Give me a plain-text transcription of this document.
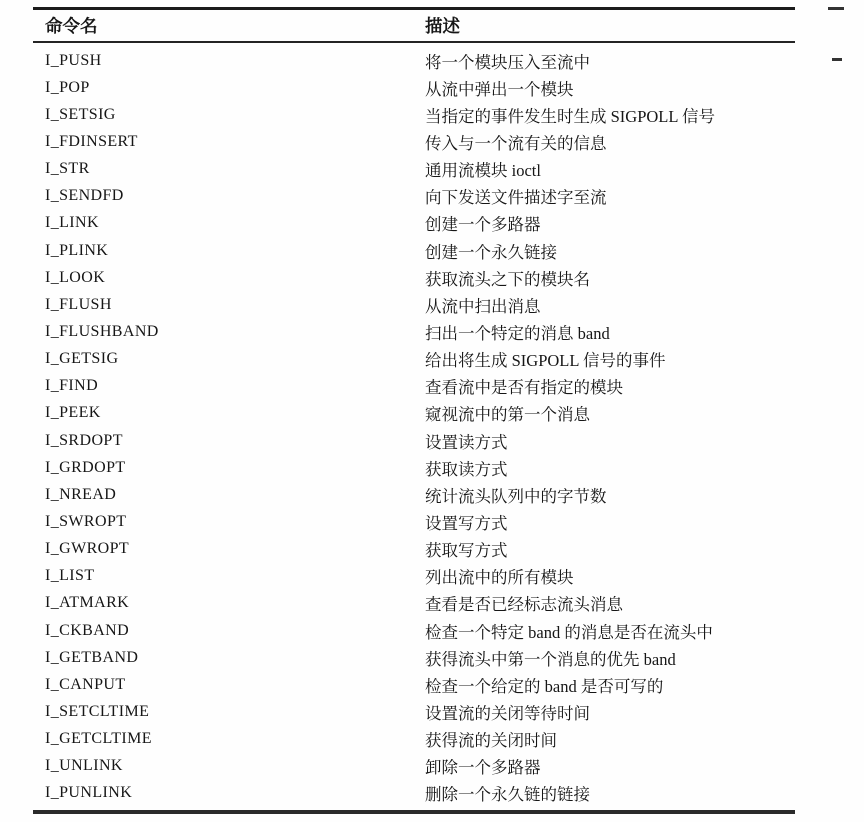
命令名	描述
I_PUSH	将一个模块压入至流中
I_POP	从流中弹出一个模块
I_SETSIG	当指定的事件发生时生成 SIGPOLL 信号
I_FDINSERT	传入与一个流有关的信息
I_STR	通用流模块 ioctl
I_SENDFD	向下发送文件描述字至流
I_LINK	创建一个多路器
I_PLINK	创建一个永久链接
I_LOOK	获取流头之下的模块名
I_FLUSH	从流中扫出消息
I_FLUSHBAND	扫出一个特定的消息 band
I_GETSIG	给出将生成 SIGPOLL 信号的事件
I_FIND	查看流中是否有指定的模块
I_PEEK	窥视流中的第一个消息
I_SRDOPT	设置读方式
I_GRDOPT	获取读方式
I_NREAD	统计流头队列中的字节数
I_SWROPT	设置写方式
I_GWROPT	获取写方式
I_LIST	列出流中的所有模块
I_ATMARK	查看是否已经标志流头消息
I_CKBAND	检查一个特定 band 的消息是否在流头中
I_GETBAND	获得流头中第一个消息的优先 band
I_CANPUT	检查一个给定的 band 是否可写的
I_SETCLTIME	设置流的关闭等待时间
I_GETCLTIME	获得流的关闭时间
I_UNLINK	卸除一个多路器
I_PUNLINK	删除一个永久链的链接
